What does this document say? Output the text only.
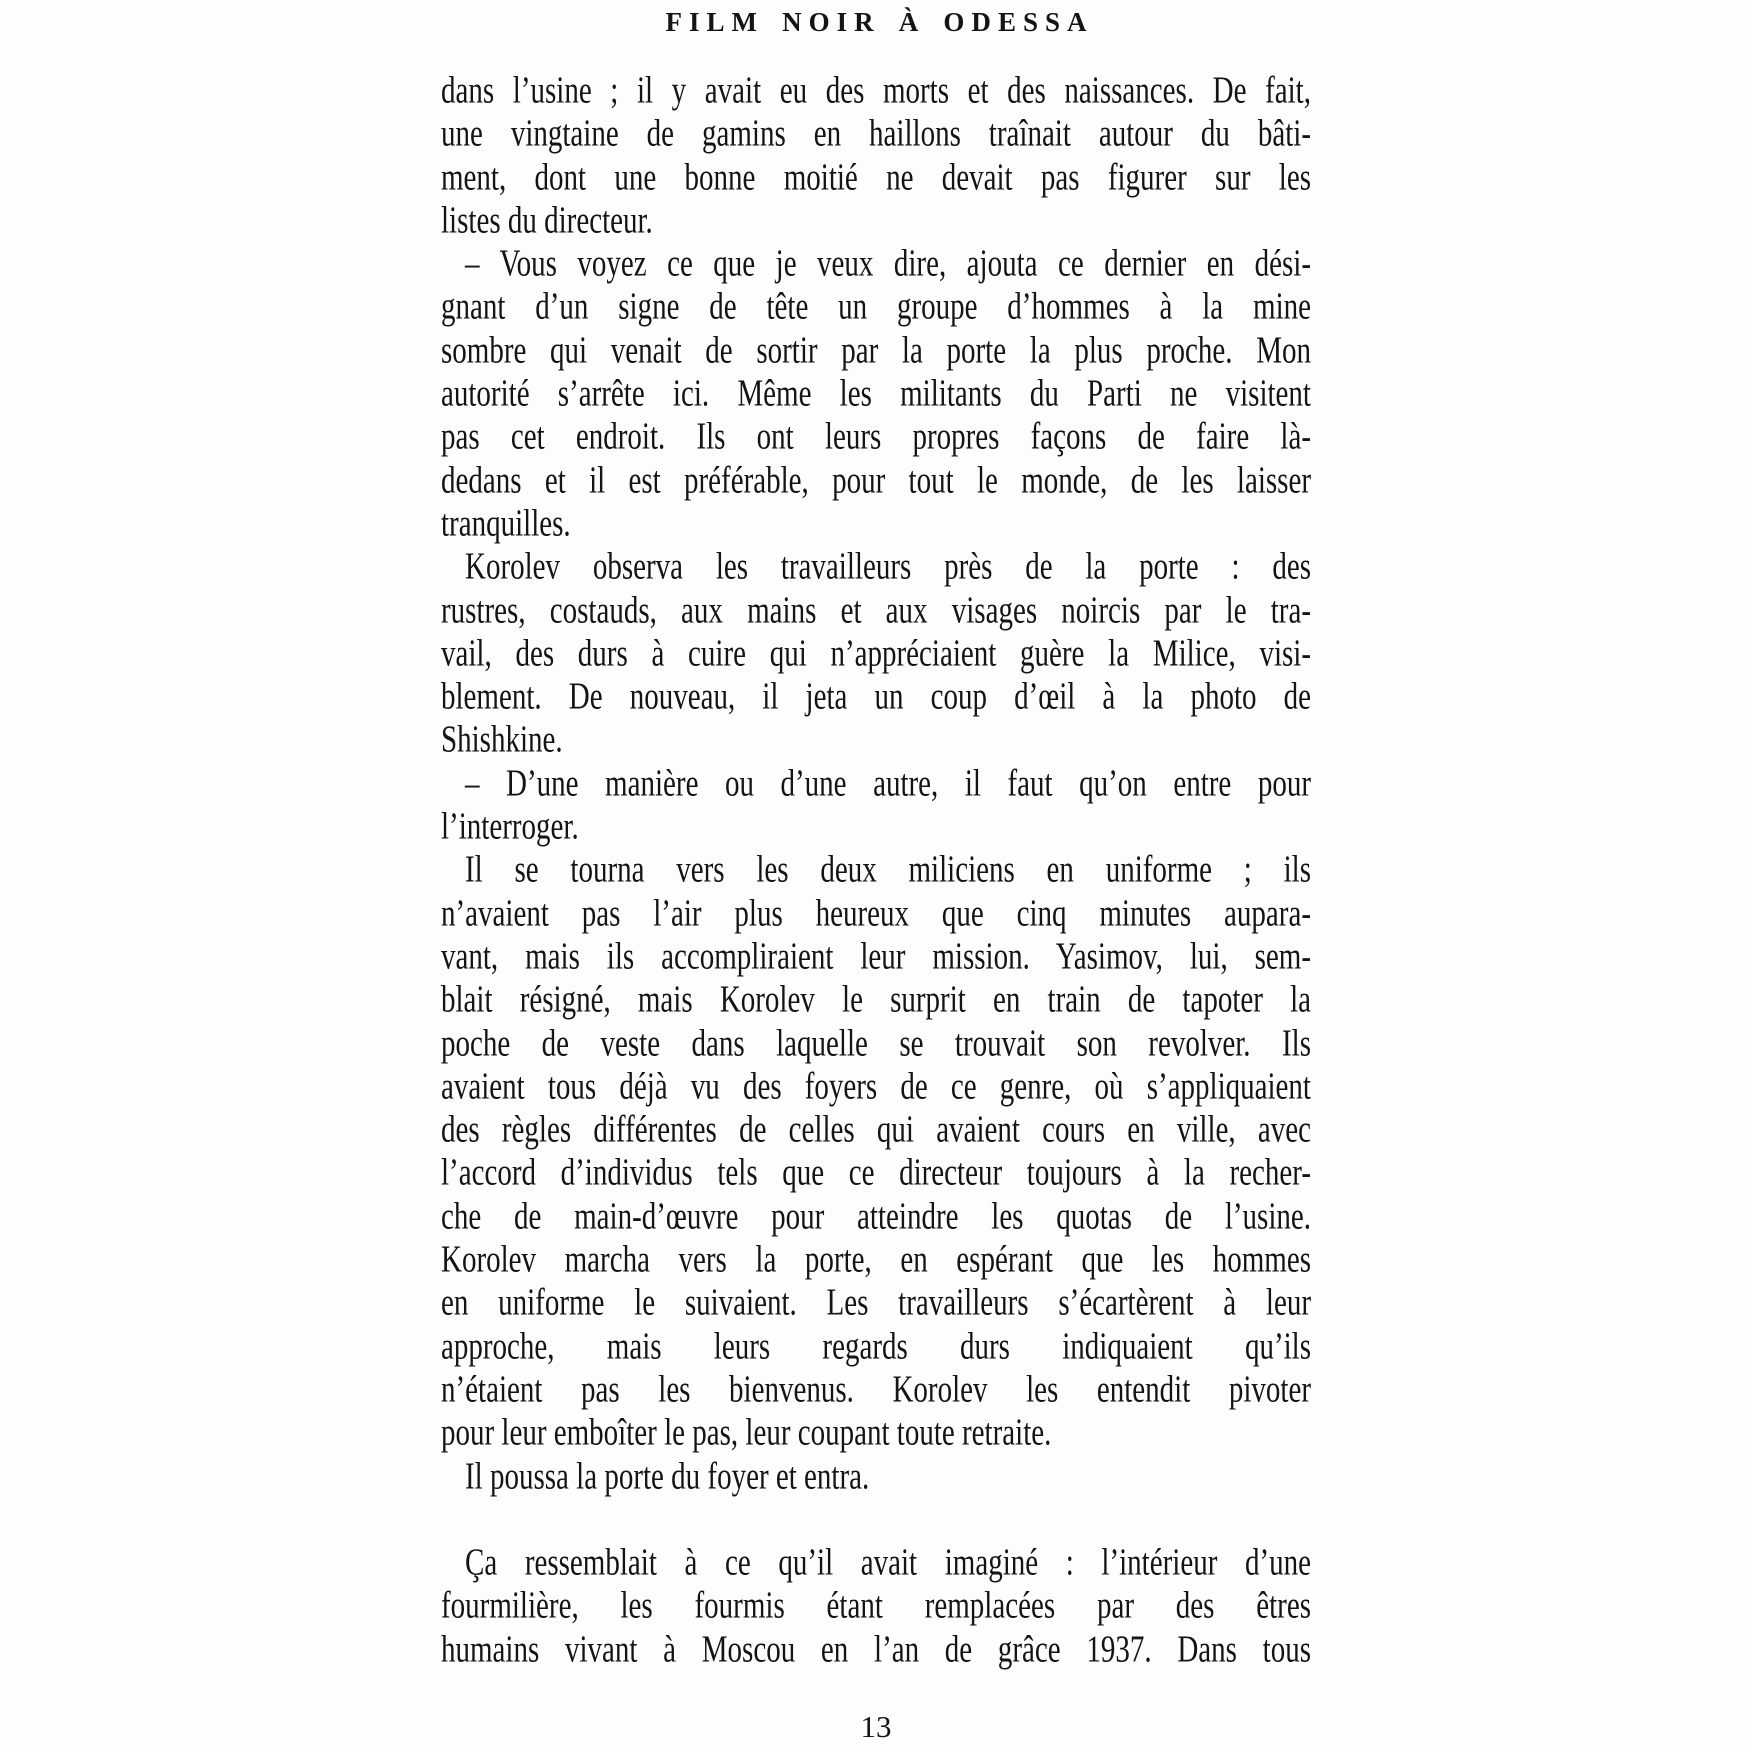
FILM NOIR À ODESSA
dans l’usine ; il y avait eu des morts et des naissances. De fait,
une vingtaine de gamins en haillons traînait autour du bâti-
ment, dont une bonne moitié ne devait pas figurer sur les
listes du directeur.
– Vous voyez ce que je veux dire, ajouta ce dernier en dési-
gnant d’un signe de tête un groupe d’hommes à la mine
sombre qui venait de sortir par la porte la plus proche. Mon
autorité s’arrête ici. Même les militants du Parti ne visitent
pas cet endroit. Ils ont leurs propres façons de faire là-
dedans et il est préférable, pour tout le monde, de les laisser
tranquilles.
Korolev observa les travailleurs près de la porte : des
rustres, costauds, aux mains et aux visages noircis par le tra-
vail, des durs à cuire qui n’appréciaient guère la Milice, visi-
blement. De nouveau, il jeta un coup d’œil à la photo de
Shishkine.
– D’une manière ou d’une autre, il faut qu’on entre pour
l’interroger.
Il se tourna vers les deux miliciens en uniforme ; ils
n’avaient pas l’air plus heureux que cinq minutes aupara-
vant, mais ils accompliraient leur mission. Yasimov, lui, sem-
blait résigné, mais Korolev le surprit en train de tapoter la
poche de veste dans laquelle se trouvait son revolver. Ils
avaient tous déjà vu des foyers de ce genre, où s’appliquaient
des règles différentes de celles qui avaient cours en ville, avec
l’accord d’individus tels que ce directeur toujours à la recher-
che de main-d’œuvre pour atteindre les quotas de l’usine.
Korolev marcha vers la porte, en espérant que les hommes
en uniforme le suivaient. Les travailleurs s’écartèrent à leur
approche, mais leurs regards durs indiquaient qu’ils
n’étaient pas les bienvenus. Korolev les entendit pivoter
pour leur emboîter le pas, leur coupant toute retraite.
Il poussa la porte du foyer et entra.
Ça ressemblait à ce qu’il avait imaginé : l’intérieur d’une
fourmilière, les fourmis étant remplacées par des êtres
humains vivant à Moscou en l’an de grâce 1937. Dans tous
13
